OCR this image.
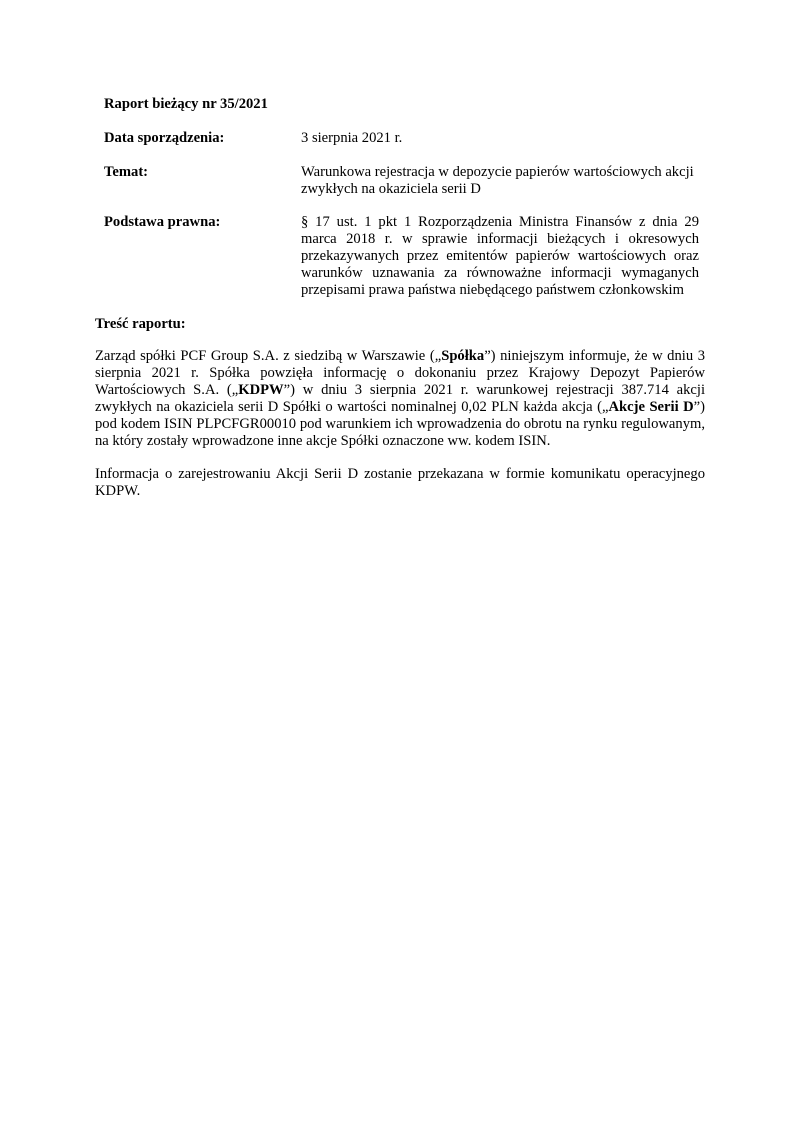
Raport bieżący nr 35/2021

Data sporządzenia:	3 sierpnia 2021 r.
Temat:	Warunkowa rejestracja w depozycie papierów wartościowych akcji zwykłych na okaziciela serii D
Podstawa prawna:	§ 17 ust. 1 pkt 1 Rozporządzenia Ministra Finansów z dnia 29 marca 2018 r. w sprawie informacji bieżących i okresowych przekazywanych przez emitentów papierów wartościowych oraz warunków uznawania za równoważne informacji wymaganych przepisami prawa państwa niebędącego państwem członkowskim

Treść raportu:

Zarząd spółki PCF Group S.A. z siedzibą w Warszawie („Spółka”) niniejszym informuje, że w dniu 3 sierpnia 2021 r. Spółka powzięła informację o dokonaniu przez Krajowy Depozyt Papierów Wartościowych S.A. („KDPW”) w dniu 3 sierpnia 2021 r. warunkowej rejestracji 387.714 akcji zwykłych na okaziciela serii D Spółki o wartości nominalnej 0,02 PLN każda akcja („Akcje Serii D”) pod kodem ISIN PLPCFGR00010 pod warunkiem ich wprowadzenia do obrotu na rynku regulowanym, na który zostały wprowadzone inne akcje Spółki oznaczone ww. kodem ISIN.

Informacja o zarejestrowaniu Akcji Serii D zostanie przekazana w formie komunikatu operacyjnego KDPW.
